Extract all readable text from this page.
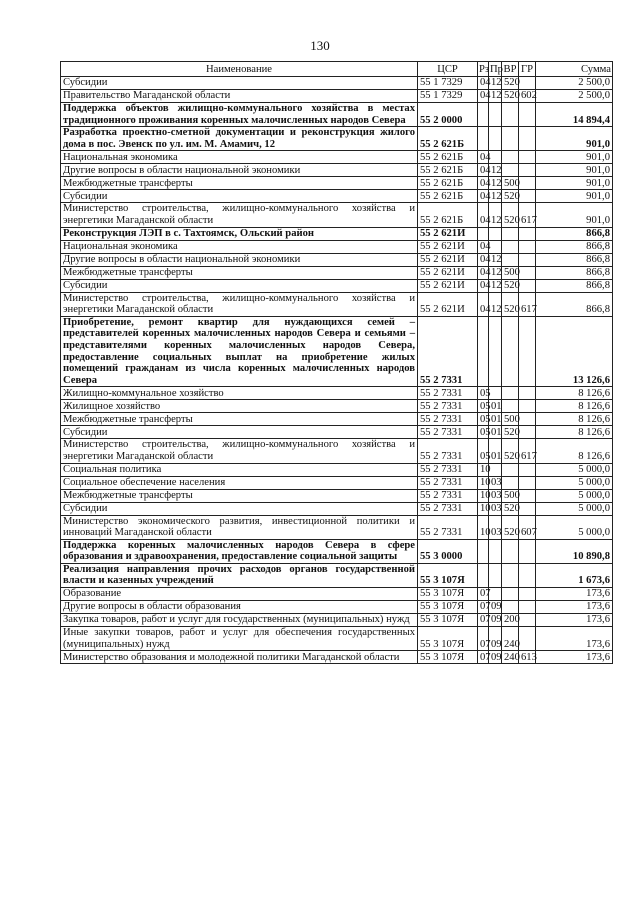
130
Наименование	ЦСР	Рз	Пр	ВР	ГР	Сумма
Субсидии	55 1 7329	04	12	520		2 500,0
Правительство Магаданской области	55 1 7329	04	12	520	602	2 500,0
Поддержка объектов жилищно-коммунального хозяйства в местах традиционного проживания коренных малочисленных народов Севера	55 2 0000					14 894,4
Разработка проектно-сметной документации и реконструкция жилого дома в пос. Эвенск по ул. им. М. Амамич, 12	55 2 621Б					901,0
Национальная экономика	55 2 621Б	04				901,0
Другие вопросы в области национальной экономики	55 2 621Б	04	12			901,0
Межбюджетные трансферты	55 2 621Б	04	12	500		901,0
Субсидии	55 2 621Б	04	12	520		901,0
Министерство строительства, жилищно-коммунального хозяйства и энергетики Магаданской области	55 2 621Б	04	12	520	617	901,0
Реконструкция ЛЭП в с. Тахтоямск, Ольский район	55 2 621И					866,8
Национальная экономика	55 2 621И	04				866,8
Другие вопросы в области национальной экономики	55 2 621И	04	12			866,8
Межбюджетные трансферты	55 2 621И	04	12	500		866,8
Субсидии	55 2 621И	04	12	520		866,8
Министерство строительства, жилищно-коммунального хозяйства и энергетики Магаданской области	55 2 621И	04	12	520	617	866,8
Приобретение, ремонт квартир для нуждающихся семей – представителей коренных малочисленных народов Севера и семьями – представителями коренных малочисленных народов Севера, предоставление социальных выплат на приобретение жилых помещений гражданам из числа коренных малочисленных народов Севера	55 2 7331					13 126,6
Жилищно-коммунальное хозяйство	55 2 7331	05				8 126,6
Жилищное хозяйство	55 2 7331	05	01			8 126,6
Межбюджетные трансферты	55 2 7331	05	01	500		8 126,6
Субсидии	55 2 7331	05	01	520		8 126,6
Министерство строительства, жилищно-коммунального хозяйства и энергетики Магаданской области	55 2 7331	05	01	520	617	8 126,6
Социальная политика	55 2 7331	10				5 000,0
Социальное обеспечение населения	55 2 7331	10	03			5 000,0
Межбюджетные трансферты	55 2 7331	10	03	500		5 000,0
Субсидии	55 2 7331	10	03	520		5 000,0
Министерство экономического развития, инвестиционной политики и инноваций Магаданской области	55 2 7331	10	03	520	607	5 000,0
Поддержка коренных малочисленных народов Севера в сфере образования и здравоохранения, предоставление социальной защиты	55 3 0000					10 890,8
Реализация направления прочих расходов органов государственной власти и казенных учреждений	55 3 107Я					1 673,6
Образование	55 3 107Я	07				173,6
Другие вопросы в области образования	55 3 107Я	07	09			173,6
Закупка товаров, работ и услуг для государственных (муниципальных) нужд	55 3 107Я	07	09	200		173,6
Иные закупки товаров, работ и услуг для обеспечения государственных (муниципальных) нужд	55 3 107Я	07	09	240		173,6
Министерство образования и молодежной политики Магаданской области	55 3 107Я	07	09	240	613	173,6
